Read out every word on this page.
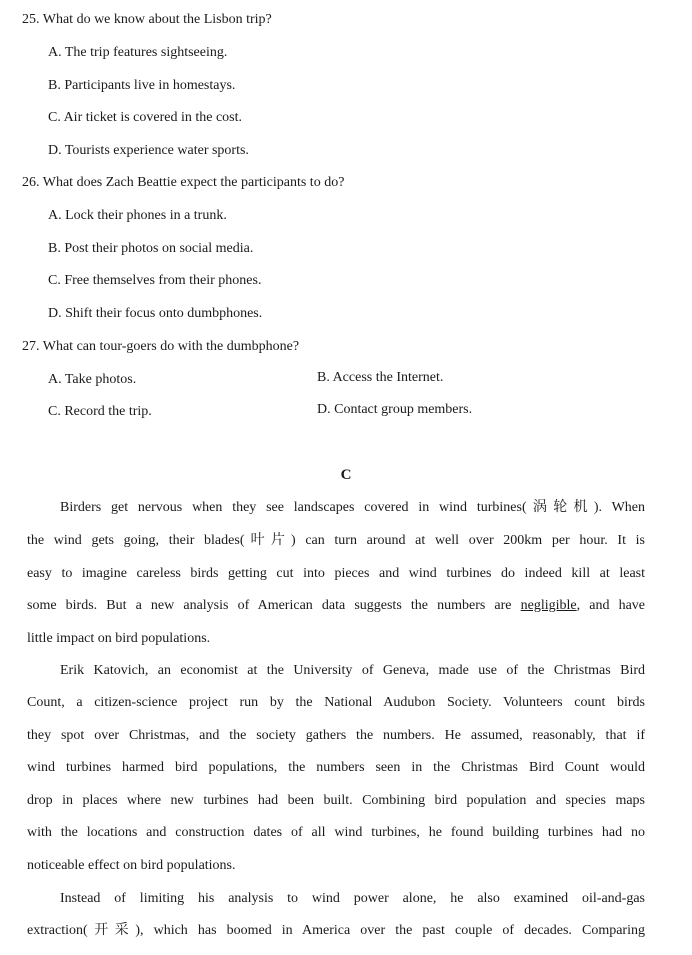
25. What do we know about the Lisbon trip?
A. The trip features sightseeing.
B. Participants live in homestays.
C. Air ticket is covered in the cost.
D. Tourists experience water sports.
26. What does Zach Beattie expect the participants to do?
A. Lock their phones in a trunk.
B. Post their photos on social media.
C. Free themselves from their phones.
D. Shift their focus onto dumbphones.
27. What can tour-goers do with the dumbphone?
A. Take photos.	B. Access the Internet.
C. Record the trip.	D. Contact group members.
C
Birders get nervous when they see landscapes covered in wind turbines(涡轮机). When
the wind gets going, their blades(叶片) can turn around at well over 200km per hour. It is
easy to imagine careless birds getting cut into pieces and wind turbines do indeed kill at least
some birds. But a new analysis of American data suggests the numbers are negligible, and have
little impact on bird populations.
Erik Katovich, an economist at the University of Geneva, made use of the Christmas Bird
Count, a citizen-science project run by the National Audubon Society. Volunteers count birds
they spot over Christmas, and the society gathers the numbers. He assumed, reasonably, that if
wind turbines harmed bird populations, the numbers seen in the Christmas Bird Count would
drop in places where new turbines had been built. Combining bird population and species maps
with the locations and construction dates of all wind turbines, he found building turbines had no
noticeable effect on bird populations.
Instead of limiting his analysis to wind power alone, he also examined oil-and-gas
extraction(开采), which has boomed in America over the past couple of decades. Comparing
